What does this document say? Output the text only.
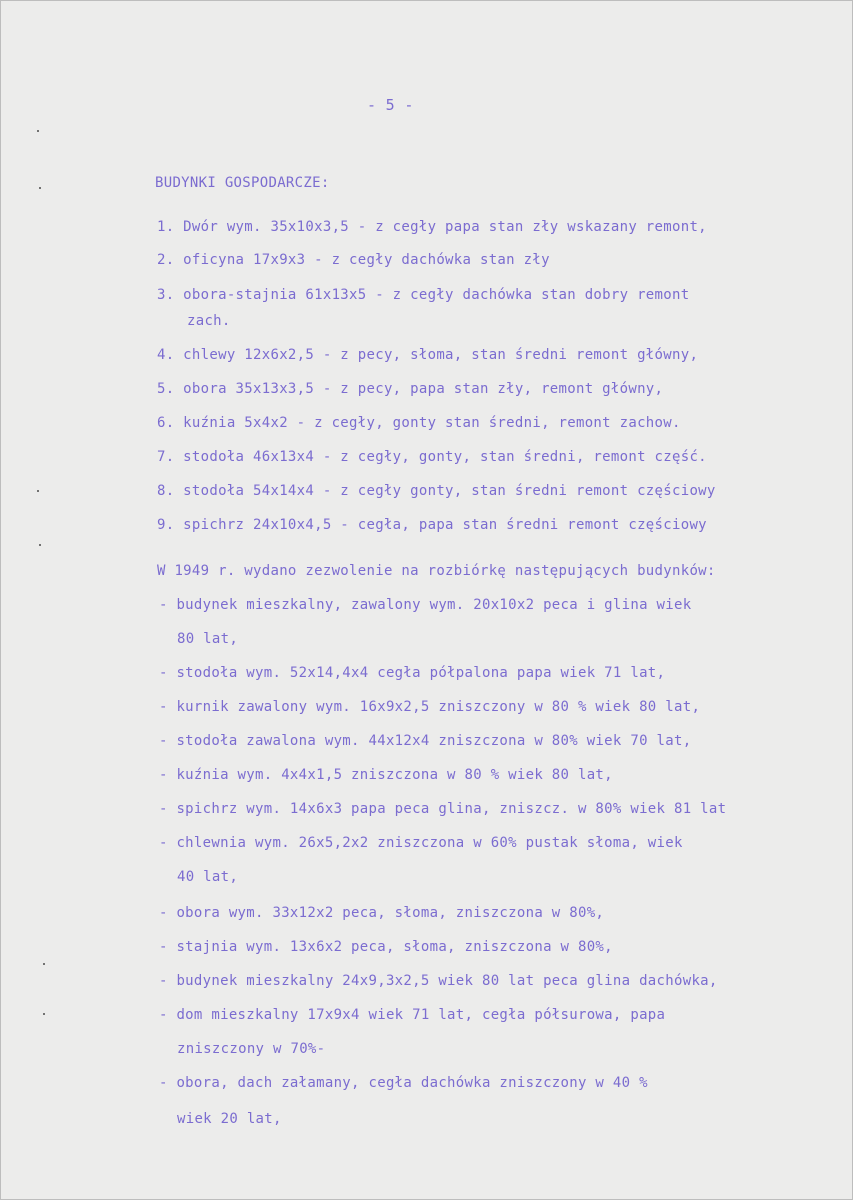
- 5 -
BUDYNKI GOSPODARCZE:
1. Dwór wym. 35x10x3,5 - z cegły papa stan zły wskazany remont,
2. oficyna 17x9x3 - z cegły dachówka stan zły
3. obora-stajnia 61x13x5 - z cegły dachówka stan dobry remont
zach.
4. chlewy 12x6x2,5 - z pecy, słoma, stan średni remont główny,
5. obora 35x13x3,5 - z pecy, papa stan zły, remont główny,
6. kuźnia 5x4x2 - z cegły, gonty stan średni, remont zachow.
7. stodoła 46x13x4 - z cegły, gonty, stan średni, remont część.
8. stodoła 54x14x4 - z cegły gonty, stan średni remont częściowy
9. spichrz 24x10x4,5 - cegła, papa stan średni remont częściowy
W 1949 r. wydano zezwolenie na rozbiórkę następujących budynków:
- budynek mieszkalny, zawalony wym. 20x10x2 peca i glina wiek
80 lat,
- stodoła wym. 52x14,4x4 cegła półpalona papa wiek 71 lat,
- kurnik zawalony wym. 16x9x2,5 zniszczony w 80 % wiek 80 lat,
- stodoła zawalona wym. 44x12x4 zniszczona w 80% wiek 70 lat,
- kuźnia wym. 4x4x1,5 zniszczona w 80 % wiek 80 lat,
- spichrz wym. 14x6x3 papa peca glina, zniszcz. w 80% wiek 81 lat
- chlewnia wym. 26x5,2x2 zniszczona w 60% pustak słoma, wiek
40 lat,
- obora wym. 33x12x2 peca, słoma, zniszczona w 80%,
- stajnia wym. 13x6x2 peca, słoma, zniszczona w 80%,
- budynek mieszkalny 24x9,3x2,5 wiek 80 lat peca glina dachówka,
- dom mieszkalny 17x9x4 wiek 71 lat, cegła półsurowa, papa
zniszczony w 70%-
- obora, dach załamany, cegła dachówka zniszczony w 40 %
wiek 20 lat,
